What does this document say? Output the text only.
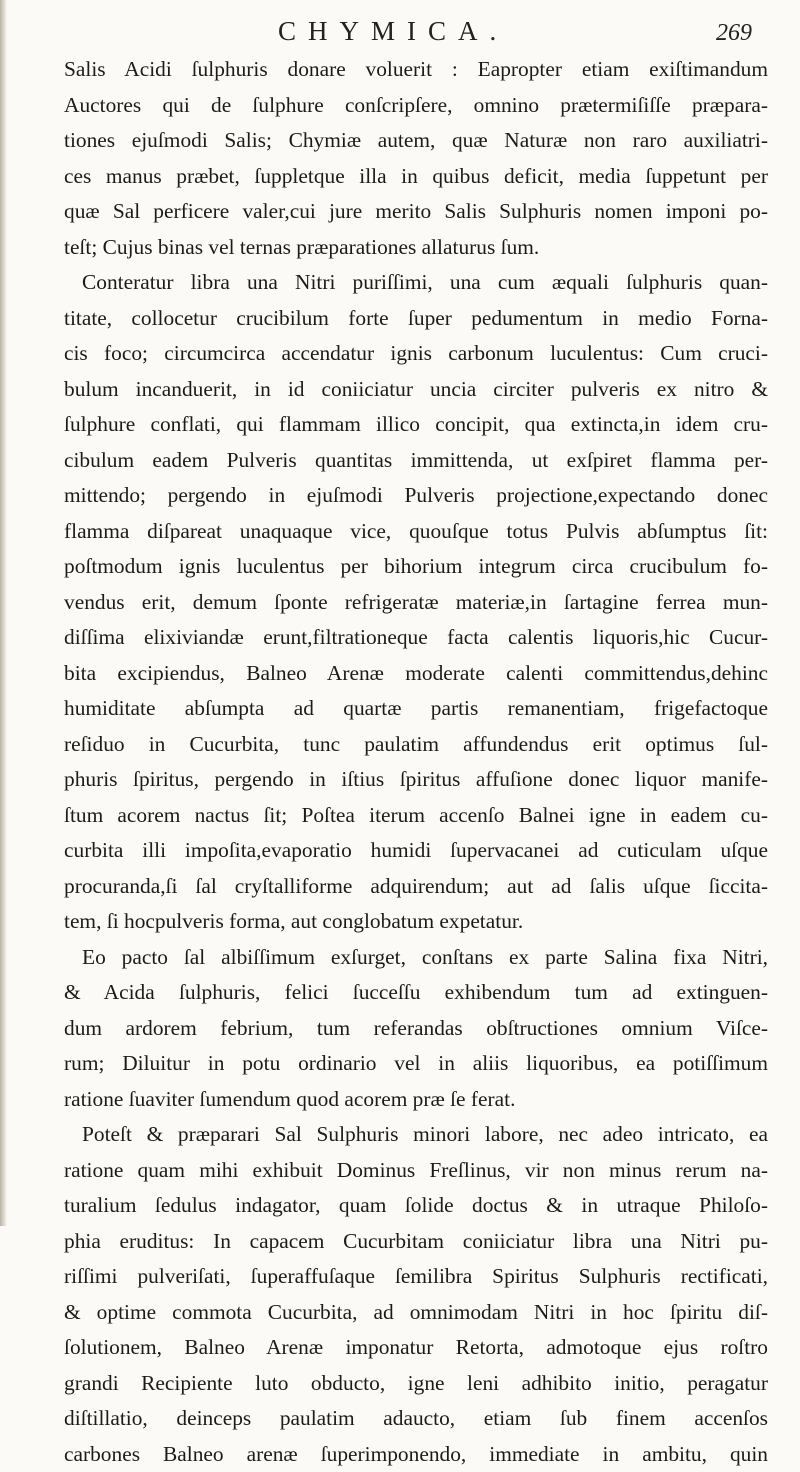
CHYMICA.	269
Salis Acidi ſulphuris donare voluerit : Eapropter etiam exiſtimandum
Auctores qui de ſulphure conſcripſere, omnino prætermiſiſſe præpara-
tiones ejuſmodi Salis; Chymiæ autem, quæ Naturæ non raro auxiliatri-
ces manus præbet, ſuppletque illa in quibus deficit, media ſuppetunt per
quæ Sal perficere valer,cui jure merito Salis Sulphuris nomen imponi po-
teſt; Cujus binas vel ternas præparationes allaturus ſum.
Conteratur libra una Nitri puriſſimi, una cum æquali ſulphuris quan-
titate, collocetur crucibilum forte ſuper pedumentum in medio Forna-
cis foco; circumcirca accendatur ignis carbonum luculentus: Cum cruci-
bulum incanduerit, in id coniiciatur uncia circiter pulveris ex nitro &
ſulphure conflati, qui flammam illico concipit, qua extincta,in idem cru-
cibulum eadem Pulveris quantitas immittenda, ut exſpiret flamma per-
mittendo; pergendo in ejuſmodi Pulveris projectione,expectando donec
flamma diſpareat unaquaque vice, quouſque totus Pulvis abſumptus ſit:
poſtmodum ignis luculentus per bihorium integrum circa crucibulum fo-
vendus erit, demum ſponte refrigeratæ materiæ,in ſartagine ferrea mun-
diſſima elixiviandæ erunt,filtrationeque facta calentis liquoris,hic Cucur-
bita excipiendus, Balneo Arenæ moderate calenti committendus,dehinc
humiditate abſumpta ad quartæ partis remanentiam, frigefactoque
reſiduo in Cucurbita, tunc paulatim affundendus erit optimus ſul-
phuris ſpiritus, pergendo in iſtius ſpiritus affuſione donec liquor manife-
ſtum acorem nactus ſit; Poſtea iterum accenſo Balnei igne in eadem cu-
curbita illi impoſita,evaporatio humidi ſupervacanei ad cuticulam uſque
procuranda,ſi ſal cryſtalliforme adquirendum; aut ad ſalis uſque ſiccita-
tem, ſi hocpulveris forma, aut conglobatum expetatur.
Eo pacto ſal albiſſimum exſurget, conſtans ex parte Salina fixa Nitri,
& Acida ſulphuris, felici ſucceſſu exhibendum tum ad extinguen-
dum ardorem febrium, tum referandas obſtructiones omnium Viſce-
rum; Diluitur in potu ordinario vel in aliis liquoribus, ea potiſſimum
ratione ſuaviter ſumendum quod acorem præ ſe ferat.
Poteſt & præparari Sal Sulphuris minori labore, nec adeo intricato, ea
ratione quam mihi exhibuit Dominus Freſlinus, vir non minus rerum na-
turalium ſedulus indagator, quam ſolide doctus & in utraque Philoſo-
phia eruditus: In capacem Cucurbitam coniiciatur libra una Nitri pu-
riſſimi pulveriſati, ſuperaffuſaque ſemilibra Spiritus Sulphuris rectificati,
& optime commota Cucurbita, ad omnimodam Nitri in hoc ſpiritu diſ-
ſolutionem, Balneo Arenæ imponatur Retorta, admotoque ejus roſtro
grandi Recipiente luto obducto, igne leni adhibito initio, peragatur
diſtillatio, deinceps paulatim adaucto, etiam ſub finem accenſos
carbones Balneo arenæ ſuperimponendo, immediate in ambitu, quin
